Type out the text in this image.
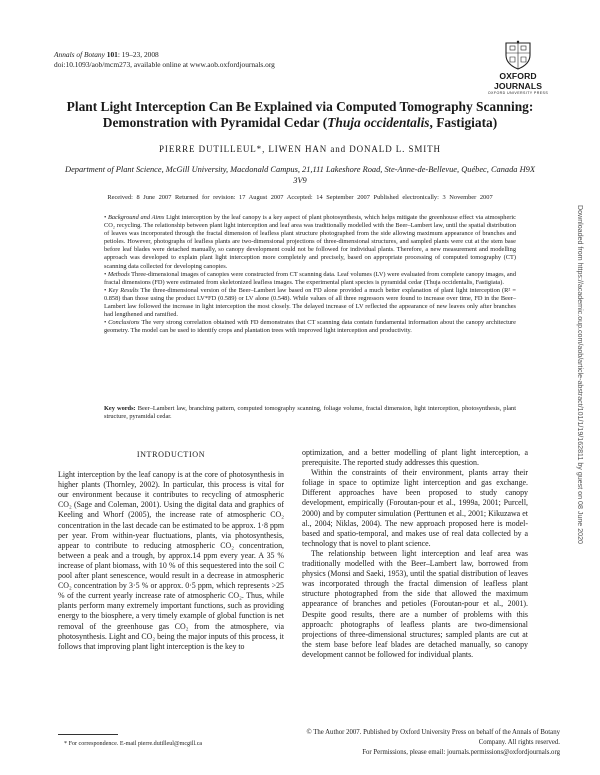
Annals of Botany 101: 19–23, 2008
doi:10.1093/aob/mcm273, available online at www.aob.oxfordjournals.org
OXFORD JOURNALS
OXFORD UNIVERSITY PRESS
Plant Light Interception Can Be Explained via Computed Tomography Scanning:
Demonstration with Pyramidal Cedar (Thuja occidentalis, Fastigiata)
PIERRE DUTILLEUL*, LIWEN HAN and DONALD L. SMITH
Department of Plant Science, McGill University, Macdonald Campus, 21,111 Lakeshore Road, Ste-Anne-de-Bellevue, Québec, Canada H9X 3V9
Received: 8 June 2007 Returned for revision: 17 August 2007 Accepted: 14 September 2007 Published electronically: 3 November 2007

• Background and Aims Light interception by the leaf canopy is a key aspect of plant photosynthesis, which helps mitigate the greenhouse effect via atmospheric CO₂ recycling. The relationship between plant light interception and leaf area was traditionally modelled with the Beer–Lambert law, until the spatial distribution of leaves was incorporated through the fractal dimension of leafless plant structure photographed from the side allowing maximum appearance of branches and petioles. However, photographs of leafless plants are two-dimensional projections of three-dimensional structures, and sampled plants were cut at the stem base before leaf blades were detached manually, so canopy development could not be followed for individual plants. Therefore, a new measurement and modelling approach was developed to explain plant light interception more completely and precisely, based on appropriate processing of computed tomography (CT) scanning data collected for developing canopies.

• Methods Three-dimensional images of canopies were constructed from CT scanning data. Leaf volumes (LV) were evaluated from complete canopy images, and fractal dimensions (FD) were estimated from skeletonized leafless images. The experimental plant species is pyramidal cedar (Thuja occidentalis, Fastigiata).

• Key Results The three-dimensional version of the Beer–Lambert law based on FD alone provided a much better explanation of plant light interception (R² = 0.858) than those using the product LV*FD (0.589) or LV alone (0.548). While values of all three regressors were found to increase over time, FD in the Beer–Lambert law followed the increase in light interception the most closely. The delayed increase of LV reflected the appearance of new leaves only after branches had lengthened and ramified.

• Conclusions The very strong correlation obtained with FD demonstrates that CT scanning data contain fundamental information about the canopy architecture geometry. The model can be used to identify crops and plantation trees with improved light interception and productivity.

Key words: Beer–Lambert law, branching pattern, computed tomography scanning, foliage volume, fractal dimension, light interception, photosynthesis, plant structure, pyramidal cedar.	Downloaded from https://academic.oup.com/aob/article-abstract/101/1/19/162811 by guest on 08 June 2020
INTRODUCTION

Light interception by the leaf canopy is at the core of photosynthesis in higher plants (Thornley, 2002). In particular, this process is vital for our environment because it contributes to recycling of atmospheric CO₂ (Sage and Coleman, 2001). Using the digital data and graphics of Keeling and Whorf (2005), the increase rate of atmospheric CO₂ concentration in the last decade can be estimated to be approx. 1·8 ppm per year. From within-year fluctuations, plants, via photosynthesis, appear to contribute to reducing atmospheric CO₂ concentration, between a peak and a trough, by approx.14 ppm every year. A 35 % increase of plant biomass, with 10 % of this sequestered into the soil C pool after plant senescence, would result in a decrease in atmospheric CO₂ concentration by 3·5 % or approx. 0·5 ppm, which represents >25 % of the current yearly increase rate of atmospheric CO₂. Thus, while plants perform many extremely important functions, such as providing energy to the biosphere, a very timely example of global function is net removal of the greenhouse gas CO₂ from the atmosphere, via photosynthesis. Light and CO₂ being the major inputs of this process, it follows that improving plant light interception is the key to

optimization, and a better modelling of plant light interception, a prerequisite. The reported study addresses this question.

Within the constraints of their environment, plants array their foliage in space to optimize light interception and gas exchange. Different approaches have been proposed to study canopy development, empirically (Foroutan-pour et al., 1999a, 2001; Purcell, 2000) and by computer simulation (Perttunen et al., 2001; Kikuzawa et al., 2004; Niklas, 2004). The new approach proposed here is model-based and spatio-temporal, and makes use of real data collected by a technology that is novel to plant science.

The relationship between light interception and leaf area was traditionally modelled with the Beer–Lambert law, borrowed from physics (Monsi and Saeki, 1953), until the spatial distribution of leaves was incorporated through the fractal dimension of leafless plant structure photographed from the side that allowed the maximum appearance of branches and petioles (Foroutan-pour et al., 2001). Despite good results, there are a number of problems with this approach: photographs of leafless plants are two-dimensional projections of three-dimensional structures; sampled plants are cut at the stem base before leaf blades are detached manually, so canopy development cannot be followed for individual plants.

* For correspondence. E-mail pierre.dutilleul@mcgill.ca
© The Author 2007. Published by Oxford University Press on behalf of the Annals of Botany Company. All rights reserved.
For Permissions, please email: journals.permissions@oxfordjournals.org
